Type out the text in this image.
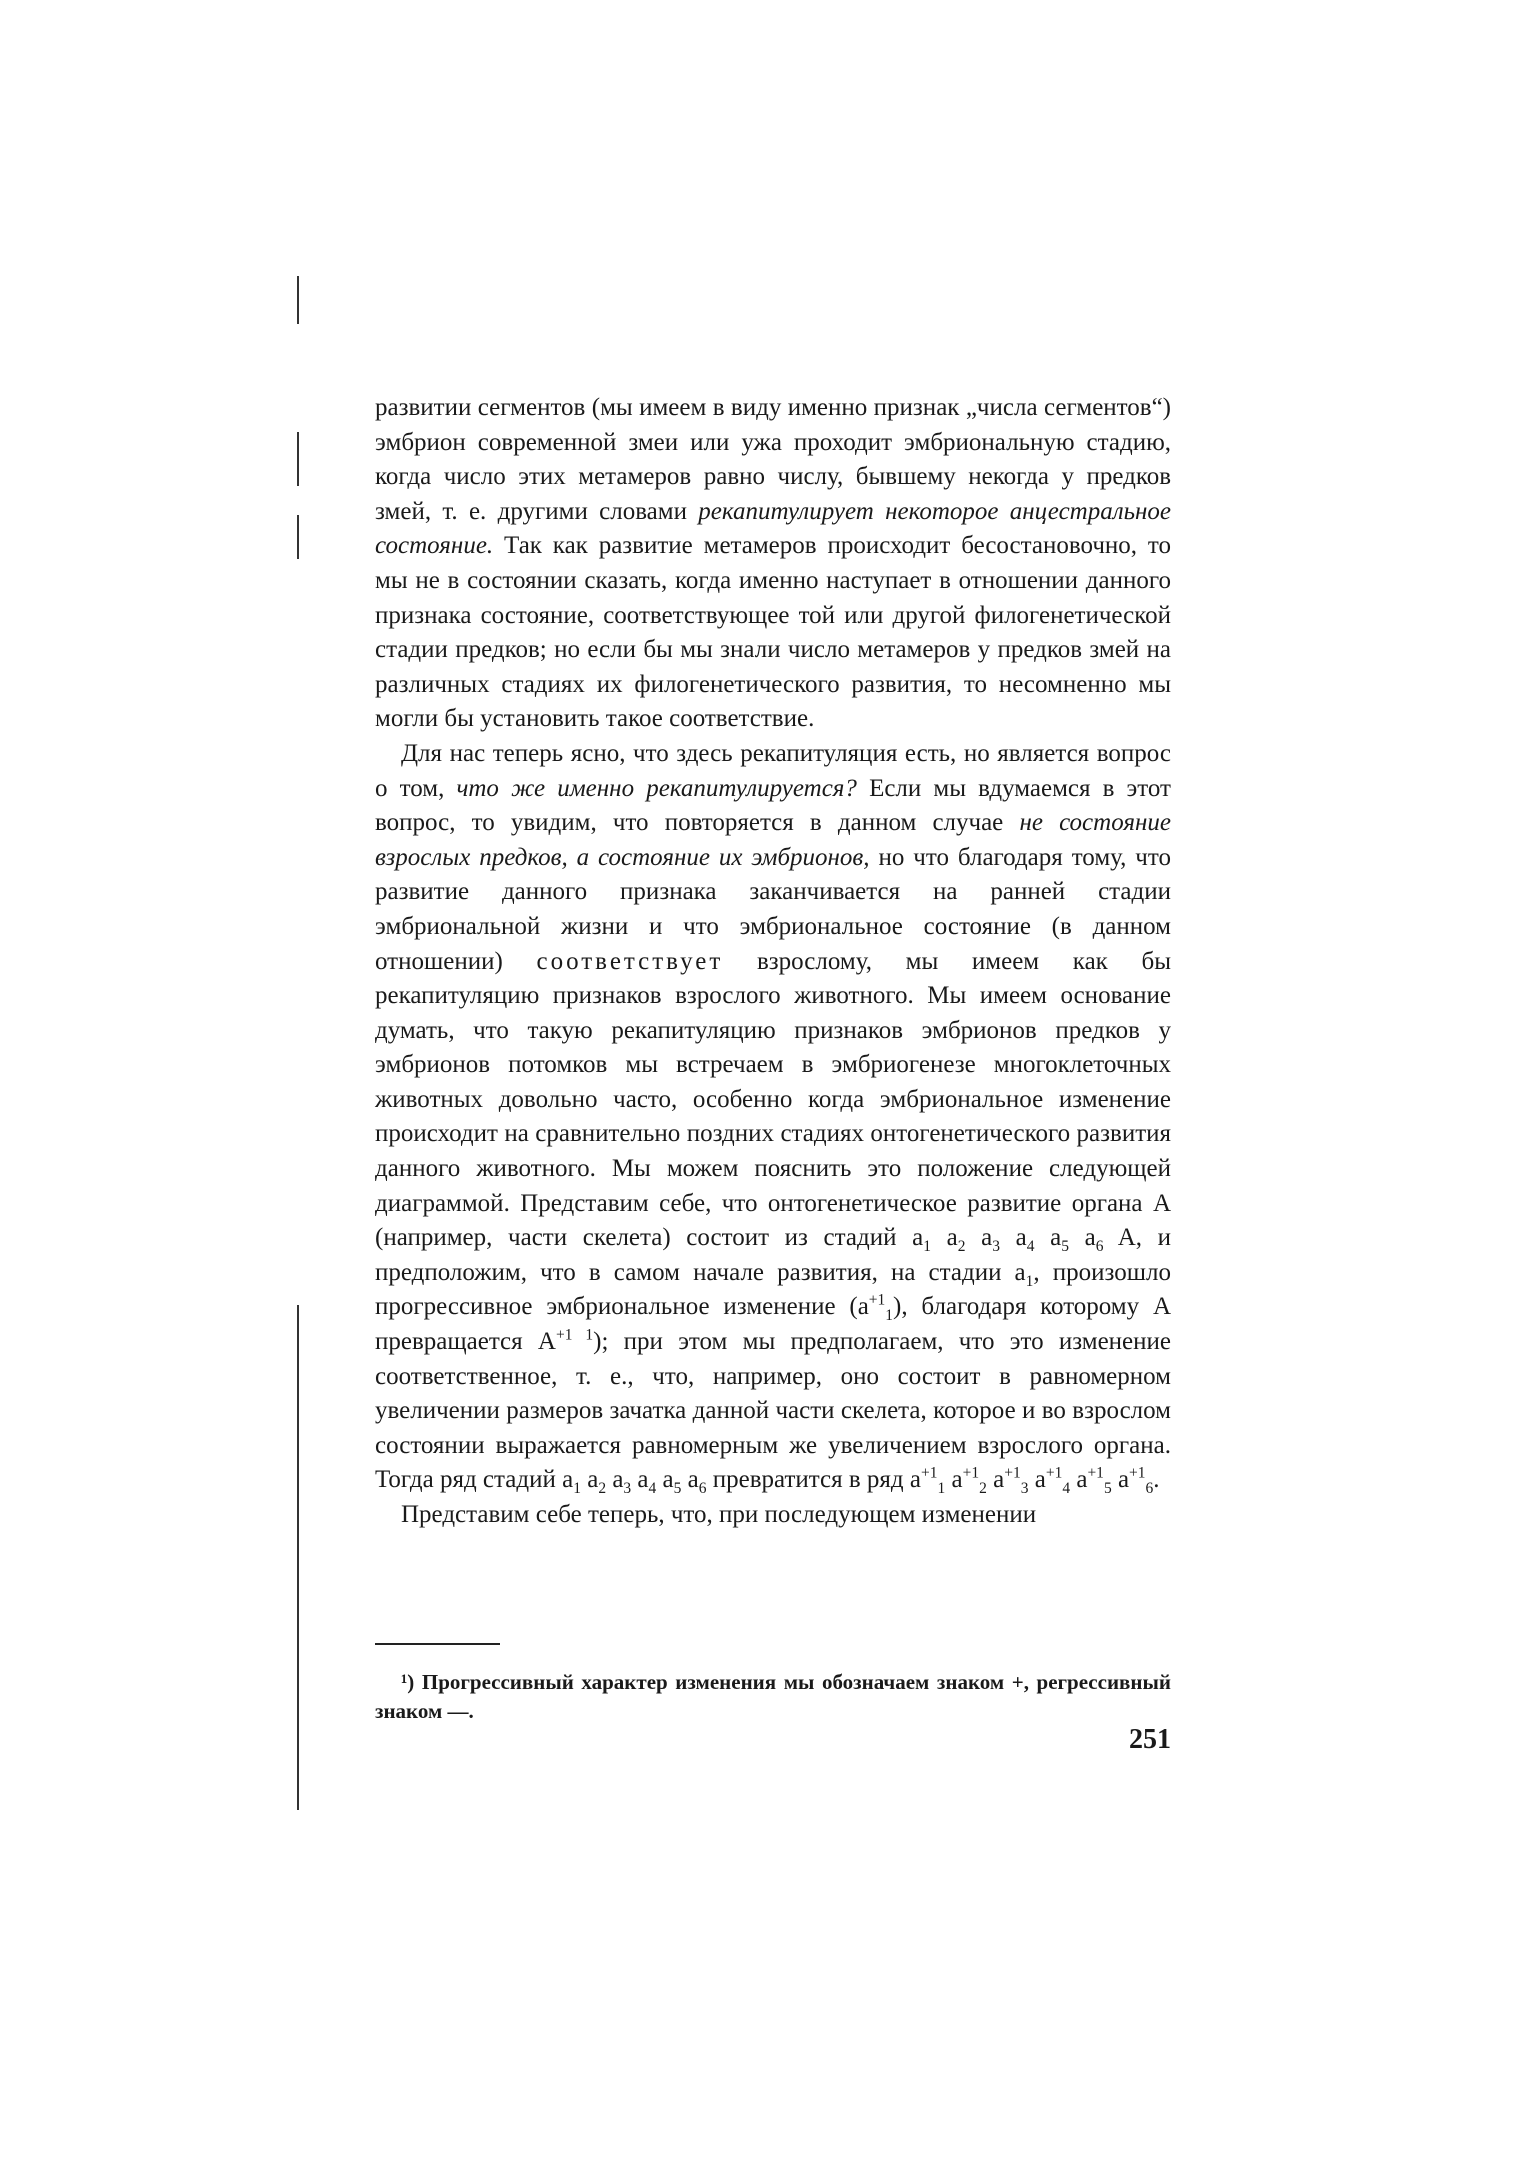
развитии сегментов (мы имеем в виду именно признак „числа сегментов“) эмбрион современной змеи или ужа проходит эмбриональную стадию, когда число этих метамеров равно числу, бывшему некогда у предков змей, т. е. другими словами рекапитулирует некоторое анцестральное состояние. Так как развитие метамеров происходит бесостановочно, то мы не в состоянии сказать, когда именно наступает в отношении данного признака состояние, соответствующее той или другой филогенетической стадии предков; но если бы мы знали число метамеров у предков змей на различных стадиях их филогенетического развития, то несомненно мы могли бы установить такое соответствие.

Для нас теперь ясно, что здесь рекапитуляция есть, но является вопрос о том, что же именно рекапитулируется? Если мы вдумаемся в этот вопрос, то увидим, что повторяется в данном случае не состояние взрослых предков, а состояние их эмбрионов, но что благодаря тому, что развитие данного признака заканчивается на ранней стадии эмбриональной жизни и что эмбриональное состояние (в данном отношении) соответствует взрослому, мы имеем как бы рекапитуляцию признаков взрослого животного. Мы имеем основание думать, что такую рекапитуляцию признаков эмбрионов предков у эмбрионов потомков мы встречаем в эмбриогенезе многоклеточных животных довольно часто, особенно когда эмбриональное изменение происходит на сравнительно поздних стадиях онтогенетического развития данного животного. Мы можем пояснить это положение следующей диаграммой. Представим себе, что онтогенетическое развитие органа A (например, части скелета) состоит из стадий $a_1$ $a_2$ $a_3$ $a_4$ $a_5$ $a_6$ A, и предположим, что в самом начале развития, на стадии $a_1$, произошло прогрессивное эмбриональное изменение $(a^{+1}_1)$, благодаря которому A превращается $A^{+1 1}$); при этом мы предполагаем, что это изменение соответственное, т. е., что, например, оно состоит в равномерном увеличении размеров зачатка данной части скелета, которое и во взрослом состоянии выражается равномерным же увеличением взрослого органа. Тогда ряд стадий $a_1$ $a_2$ $a_3$ $a_4$ $a_5$ $a_6$ превратится в ряд $a^{+1}_1$ $a^{+1}_2$ $a^{+1}_3$ $a^{+1}_4$ $a^{+1}_5$ $a^{+1}_6$.

Представим себе теперь, что, при последующем изменении

¹) Прогрессивный характер изменения мы обозначаем знаком +, регрессивный знаком —.
251
